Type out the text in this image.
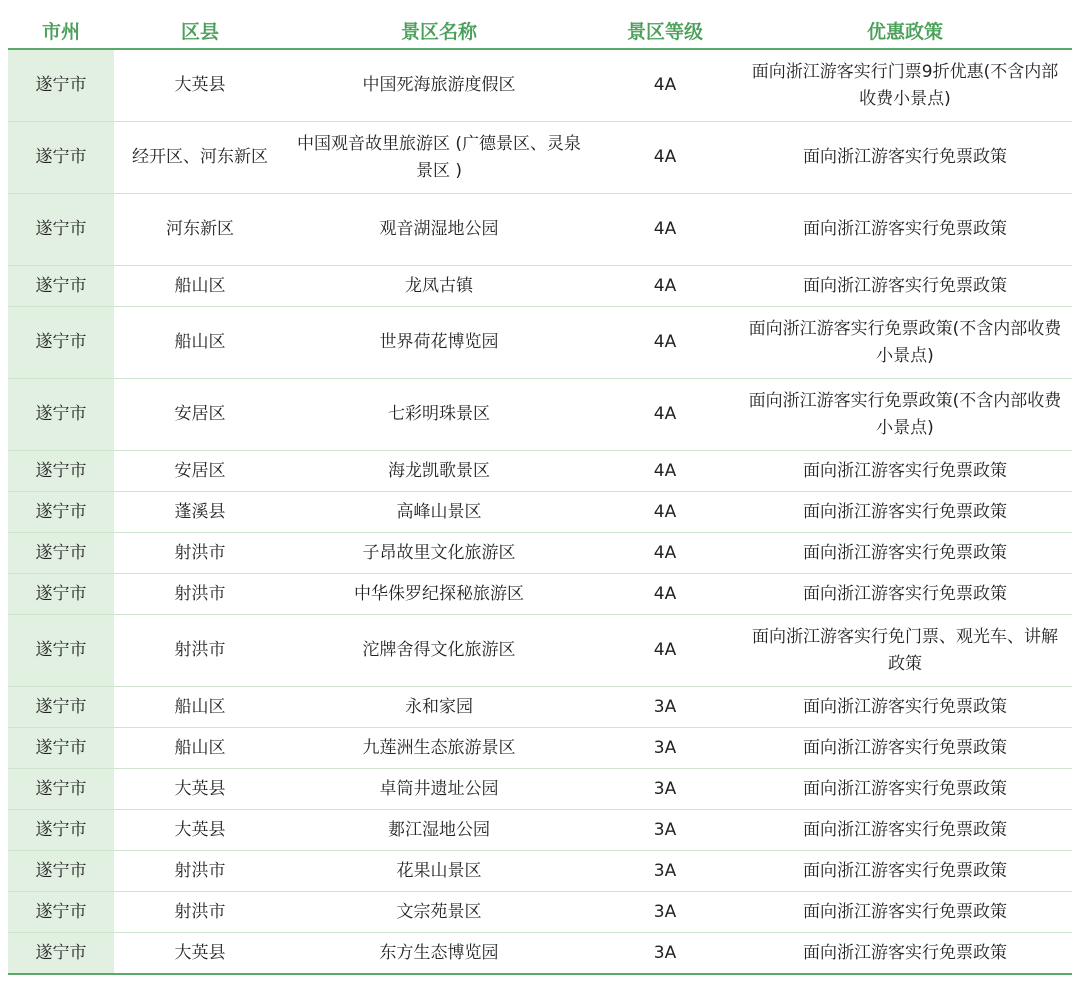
市州	区县	景区名称	景区等级	优惠政策
遂宁市	大英县	中国死海旅游度假区	4A	面向浙江游客实行门票9折优惠(不含内部收费小景点)
遂宁市	经开区、河东新区	中国观音故里旅游区 (广德景区、灵泉景区 )	4A	面向浙江游客实行免票政策
遂宁市	河东新区	观音湖湿地公园	4A	面向浙江游客实行免票政策
遂宁市	船山区	龙凤古镇	4A	面向浙江游客实行免票政策
遂宁市	船山区	世界荷花博览园	4A	面向浙江游客实行免票政策(不含内部收费小景点)
遂宁市	安居区	七彩明珠景区	4A	面向浙江游客实行免票政策(不含内部收费小景点)
遂宁市	安居区	海龙凯歌景区	4A	面向浙江游客实行免票政策
遂宁市	蓬溪县	高峰山景区	4A	面向浙江游客实行免票政策
遂宁市	射洪市	子昂故里文化旅游区	4A	面向浙江游客实行免票政策
遂宁市	射洪市	中华侏罗纪探秘旅游区	4A	面向浙江游客实行免票政策
遂宁市	射洪市	沱牌舍得文化旅游区	4A	面向浙江游客实行免门票、观光车、讲解政策
遂宁市	船山区	永和家园	3A	面向浙江游客实行免票政策
遂宁市	船山区	九莲洲生态旅游景区	3A	面向浙江游客实行免票政策
遂宁市	大英县	卓筒井遗址公园	3A	面向浙江游客实行免票政策
遂宁市	大英县	郪江湿地公园	3A	面向浙江游客实行免票政策
遂宁市	射洪市	花果山景区	3A	面向浙江游客实行免票政策
遂宁市	射洪市	文宗苑景区	3A	面向浙江游客实行免票政策
遂宁市	大英县	东方生态博览园	3A	面向浙江游客实行免票政策
